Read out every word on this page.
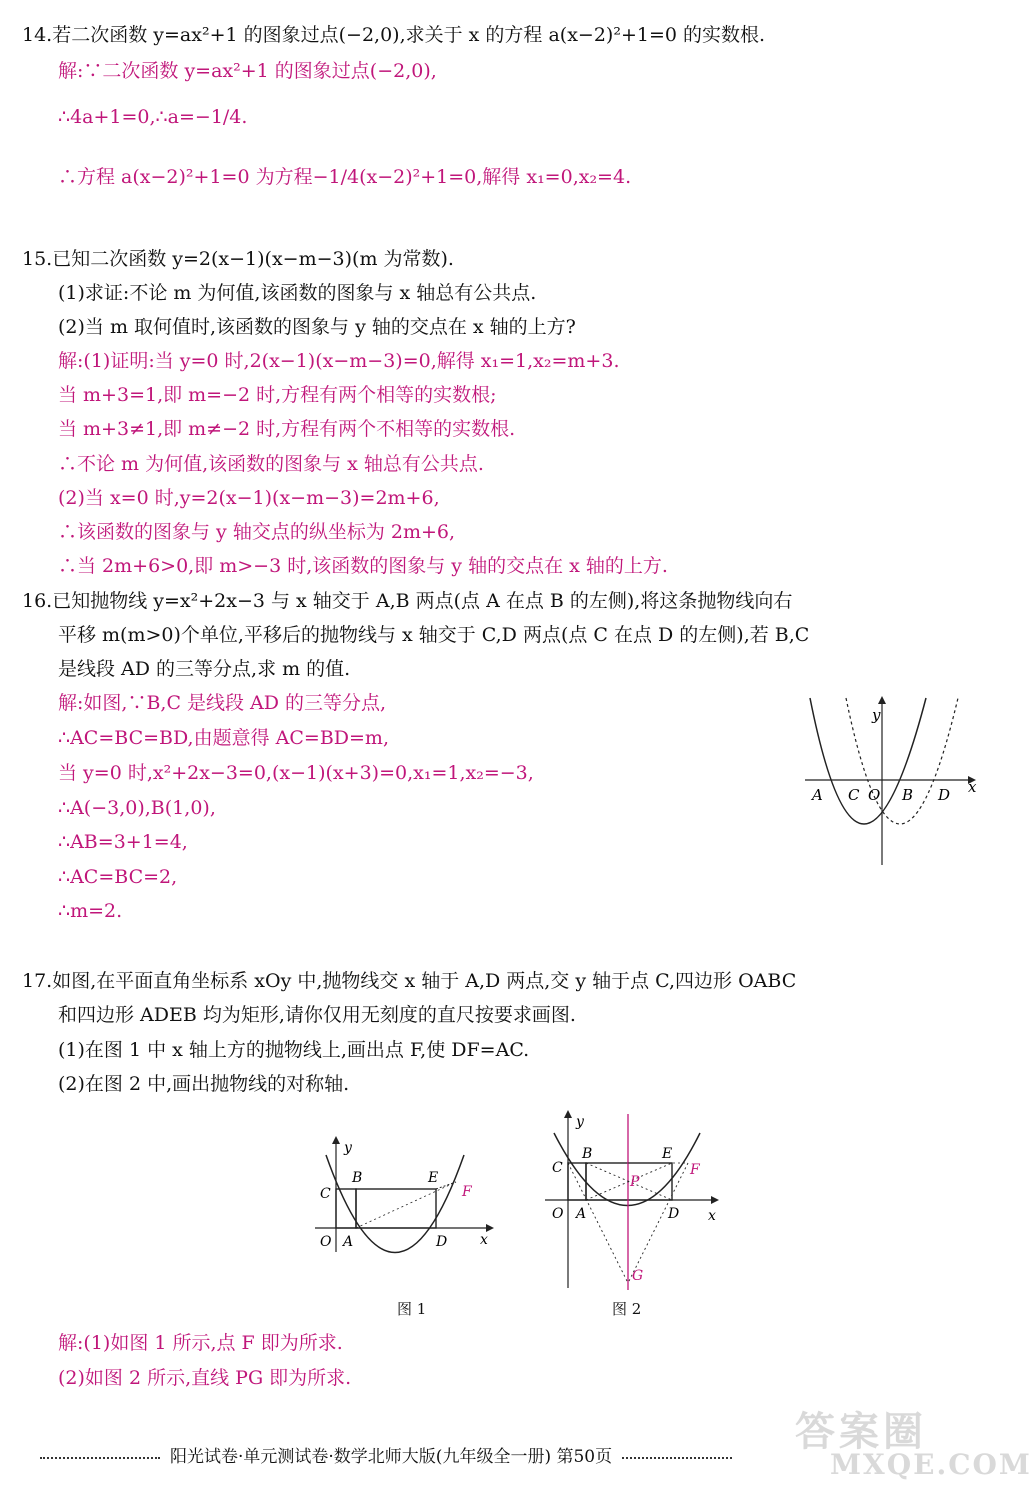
14.若二次函数 y=ax²+1 的图象过点(−2,0),求关于 x 的方程 a(x−2)²+1=0 的实数根.
解:∵二次函数 y=ax²+1 的图象过点(−2,0),
∴4a+1=0,∴a=−1/4.
∴方程 a(x−2)²+1=0 为方程−1/4(x−2)²+1=0,解得 x₁=0,x₂=4.
15.已知二次函数 y=2(x−1)(x−m−3)(m 为常数).
(1)求证:不论 m 为何值,该函数的图象与 x 轴总有公共点.
(2)当 m 取何值时,该函数的图象与 y 轴的交点在 x 轴的上方?
解:(1)证明:当 y=0 时,2(x−1)(x−m−3)=0,解得 x₁=1,x₂=m+3.
当 m+3=1,即 m=−2 时,方程有两个相等的实数根;
当 m+3≠1,即 m≠−2 时,方程有两个不相等的实数根.
∴不论 m 为何值,该函数的图象与 x 轴总有公共点.
(2)当 x=0 时,y=2(x−1)(x−m−3)=2m+6,
∴该函数的图象与 y 轴交点的纵坐标为 2m+6,
∴当 2m+6>0,即 m>−3 时,该函数的图象与 y 轴的交点在 x 轴的上方.
16.已知抛物线 y=x²+2x−3 与 x 轴交于 A,B 两点(点 A 在点 B 的左侧),将这条抛物线向右
平移 m(m>0)个单位,平移后的抛物线与 x 轴交于 C,D 两点(点 C 在点 D 的左侧),若 B,C
是线段 AD 的三等分点,求 m 的值.
解:如图,∵B,C 是线段 AD 的三等分点,
∴AC=BC=BD,由题意得 AC=BD=m,
当 y=0 时,x²+2x−3=0,(x−1)(x+3)=0,x₁=1,x₂=−3,
∴A(−3,0),B(1,0),
∴AB=3+1=4,
∴AC=BC=2,
∴m=2.
y
x
A C O B D
17.如图,在平面直角坐标系 xOy 中,抛物线交 x 轴于 A,D 两点,交 y 轴于点 C,四边形 OABC
和四边形 ADEB 均为矩形,请你仅用无刻度的直尺按要求画图.
(1)在图 1 中 x 轴上方的抛物线上,画出点 F,使 DF=AC.
(2)在图 2 中,画出抛物线的对称轴.
y
x
O A
C
B	E
D
F
图 1
y
x
O A
C
B	E
D
F
P
G
图 2
解:(1)如图 1 所示,点 F 即为所求.
(2)如图 2 所示,直线 PG 即为所求.
阳光试卷·单元测试卷·数学北师大版(九年级全一册) 第50页
答案圈
MXQE.COM
